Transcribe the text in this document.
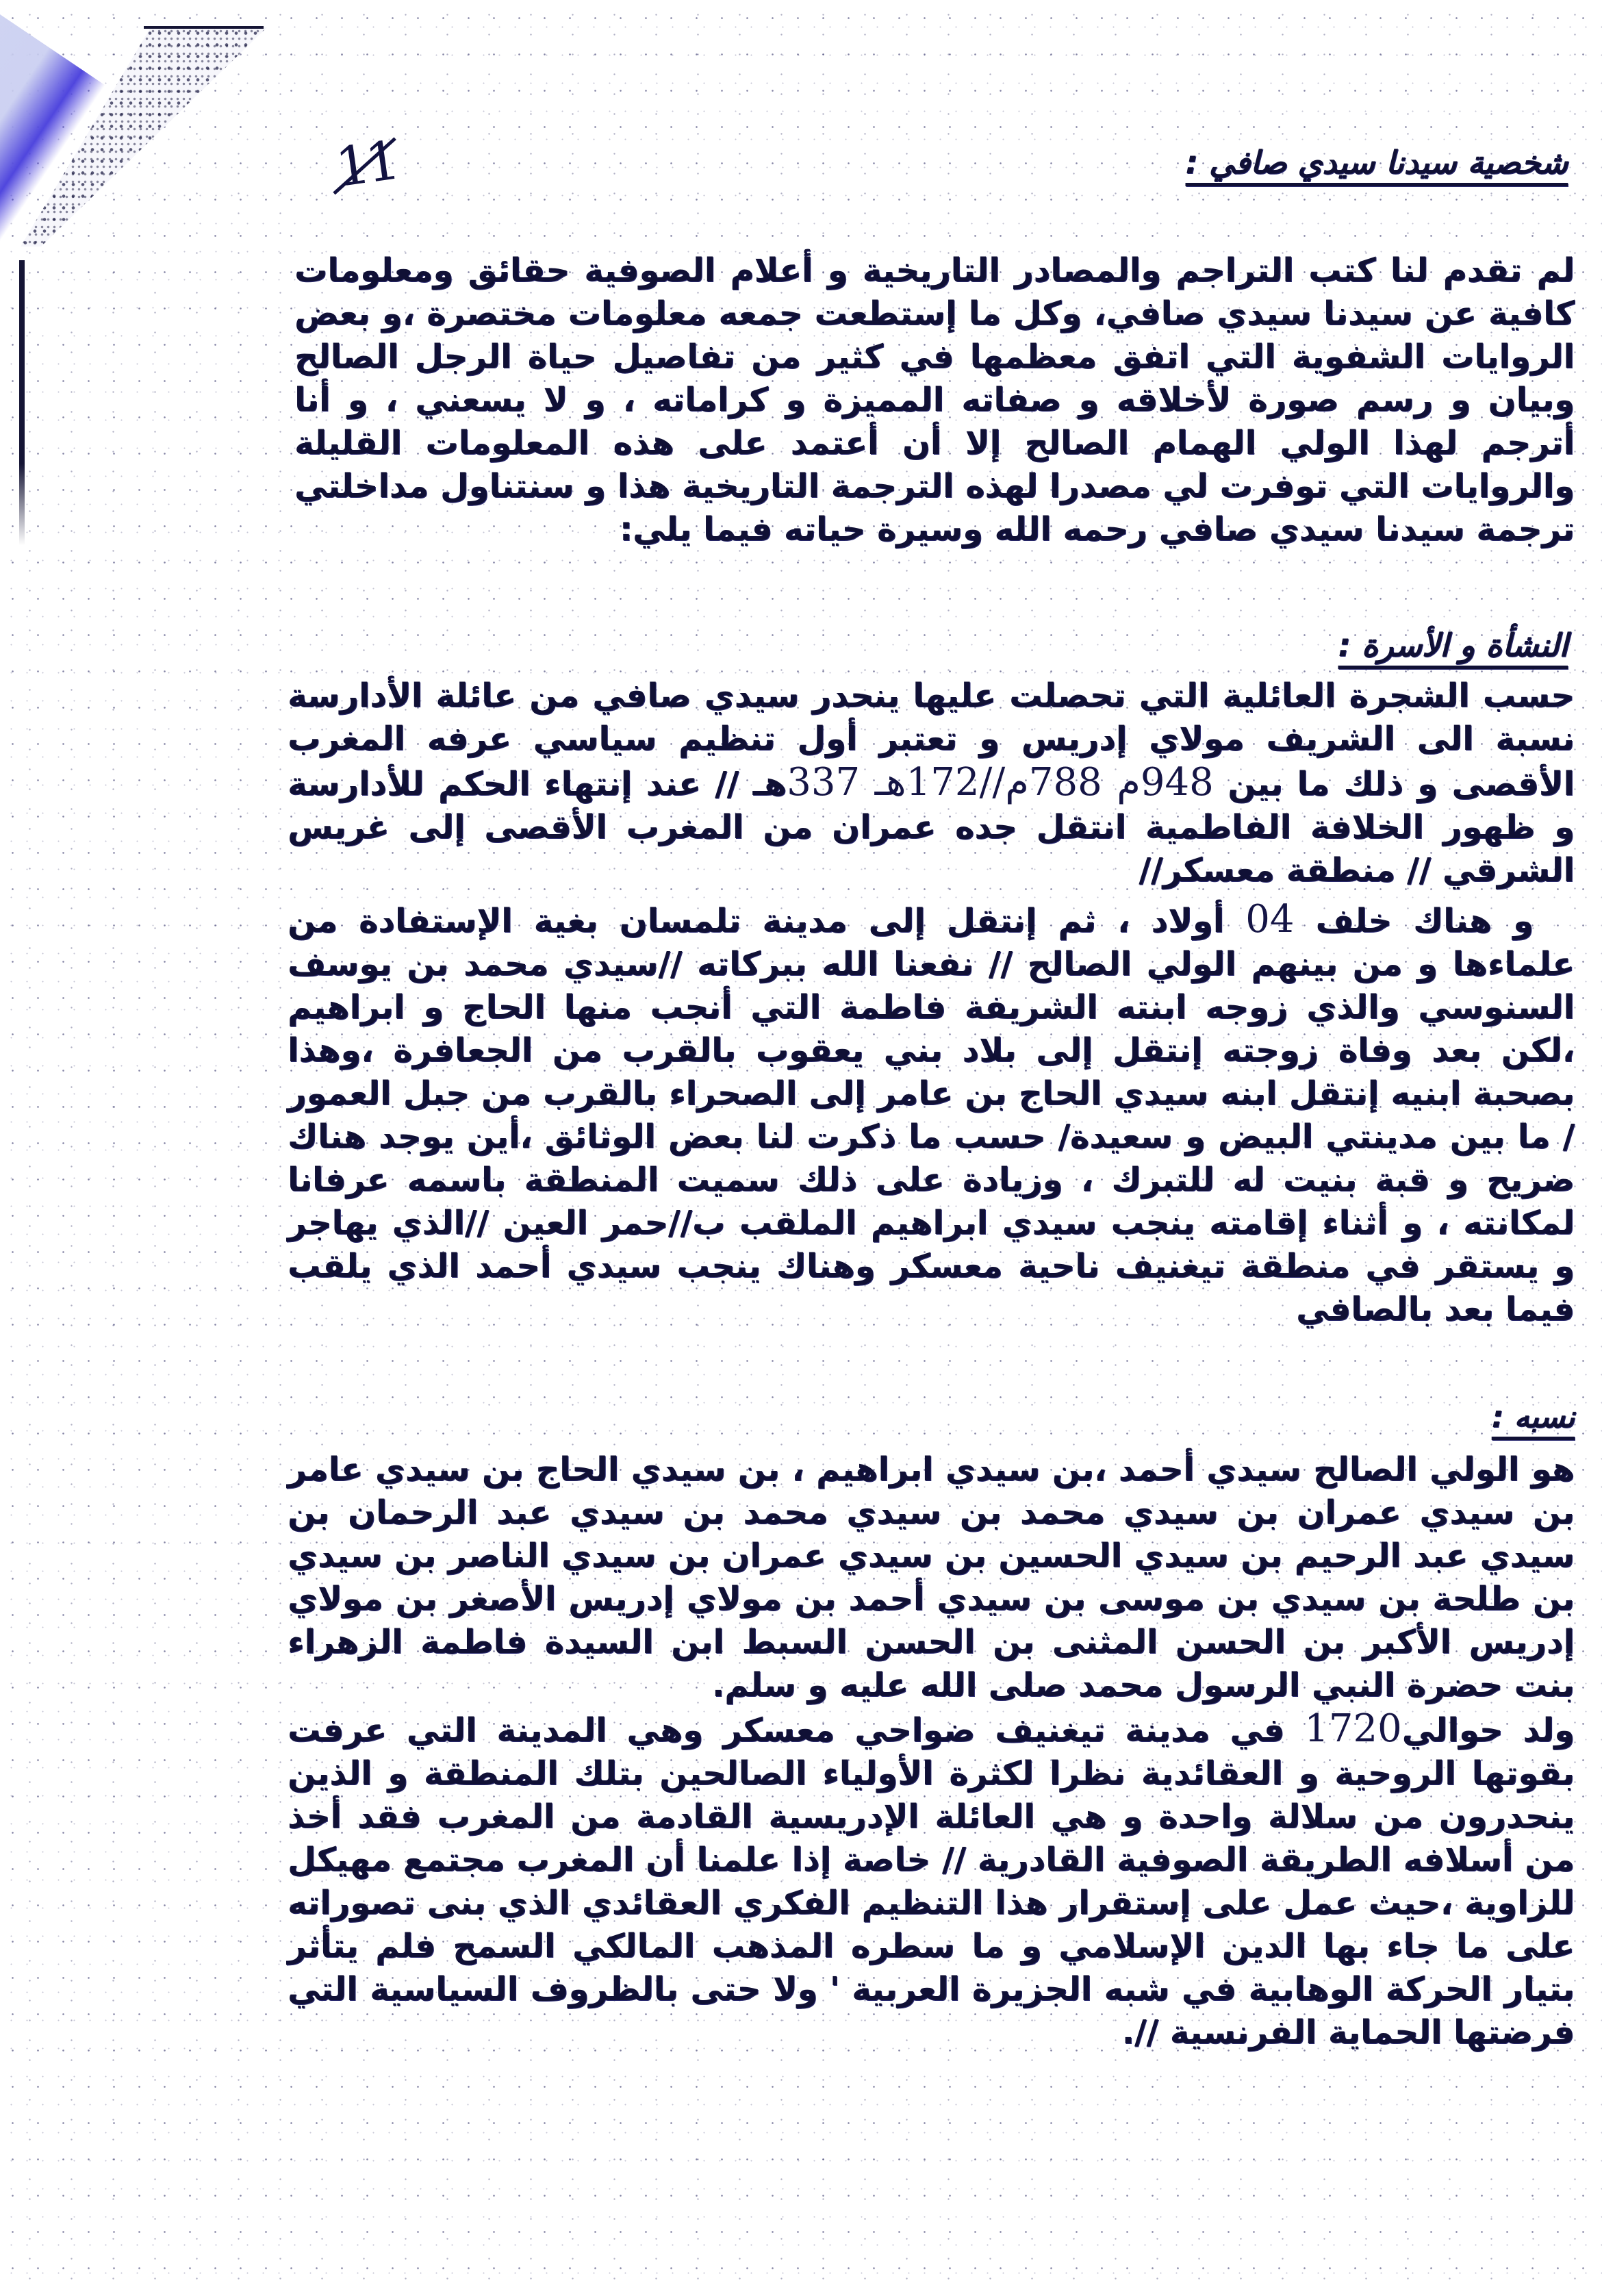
شخصية سيدنا سيدي صافي :

لم تقدم لنا كتب التراجم والمصادر التاريخية و أعلام الصوفية حقائق ومعلومات كافية عن سيدنا سيدي صافي، وكل ما إستطعت جمعه معلومات مختصرة ،و بعض الروايات الشفوية التي اتفق معظمها في كثير من تفاصيل حياة الرجل الصالح وبيان و رسم صورة لأخلاقه و صفاته المميزة و كراماته ، و لا يسعني ، و أنا أترجم لهذا الولي الهمام الصالح إلا أن أعتمد على هذه المعلومات القليلة والروايات التي توفرت لي مصدرا لهذه الترجمة التاريخية هذا و سنتناول مداخلتي ترجمة سيدنا سيدي صافي رحمه الله وسيرة حياته فيما يلي:

النشأة و الأسرة :

حسب الشجرة العائلية التي تحصلت عليها ينحدر سيدي صافي من عائلة الأدارسة نسبة الى الشريف مولاي إدريس و تعتبر أول تنظيم سياسي عرفه المغرب الأقصى و ذلك ما بين 948م 788م//172هـ 337هـ // عند إنتهاء الحكم للأدارسة و ظهور الخلافة الفاطمية انتقل جده عمران من المغرب الأقصى إلى غريس الشرقي // منطقة معسكر//

و هناك خلف 04 أولاد ، ثم إنتقل إلى مدينة تلمسان بغية الإستفادة من علماءها و من بينهم الولي الصالح // نفعنا الله ببركاته //سيدي محمد بن يوسف السنوسي والذي زوجه ابنته الشريفة فاطمة التي أنجب منها الحاج و ابراهيم ،لكن بعد وفاة زوجته إنتقل إلى بلاد بني يعقوب بالقرب من الجعافرة ،وهذا بصحبة ابنيه إنتقل ابنه سيدي الحاج بن عامر إلى الصحراء بالقرب من جبل العمور / ما بين مدينتي البيض و سعيدة/ حسب ما ذكرت لنا بعض الوثائق ،أين يوجد هناك ضريح و قبة بنيت له للتبرك ، وزيادة على ذلك سميت المنطقة باسمه عرفانا لمكانته ، و أثناء إقامته ينجب سيدي ابراهيم الملقب ب//حمر العين //الذي يهاجر و يستقر في منطقة تيغنيف ناحية معسكر وهناك ينجب سيدي أحمد الذي يلقب فيما بعد بالصافي

نسبه :

هو الولي الصالح سيدي أحمد ،بن سيدي ابراهيم ، بن سيدي الحاج بن سيدي عامر بن سيدي عمران بن سيدي محمد بن سيدي محمد بن سيدي عبد الرحمان بن سيدي عبد الرحيم بن سيدي الحسين بن سيدي عمران بن سيدي الناصر بن سيدي بن طلحة بن سيدي بن موسى بن سيدي أحمد بن مولاي إدريس الأصغر بن مولاي إدريس الأكبر بن الحسن المثنى بن الحسن السبط ابن السيدة فاطمة الزهراء بنت حضرة النبي الرسول محمد صلى الله عليه و سلم.

ولد حوالي1720 في مدينة تيغنيف ضواحي معسكر وهي المدينة التي عرفت بقوتها الروحية و العقائدية نظرا لكثرة الأولياء الصالحين بتلك المنطقة و الذين ينحدرون من سلالة واحدة و هي العائلة الإدريسية القادمة من المغرب فقد أخذ من أسلافه الطريقة الصوفية القادرية // خاصة إذا علمنا أن المغرب مجتمع مهيكل للزاوية ،حيث عمل على إستقرار هذا التنظيم الفكري العقائدي الذي بنى تصوراته على ما جاء بها الدين الإسلامي و ما سطره المذهب المالكي السمح فلم يتأثر بتيار الحركة الوهابية في شبه الجزيرة العربية ' ولا حتى بالظروف السياسية التي فرضتها الحماية الفرنسية //.
